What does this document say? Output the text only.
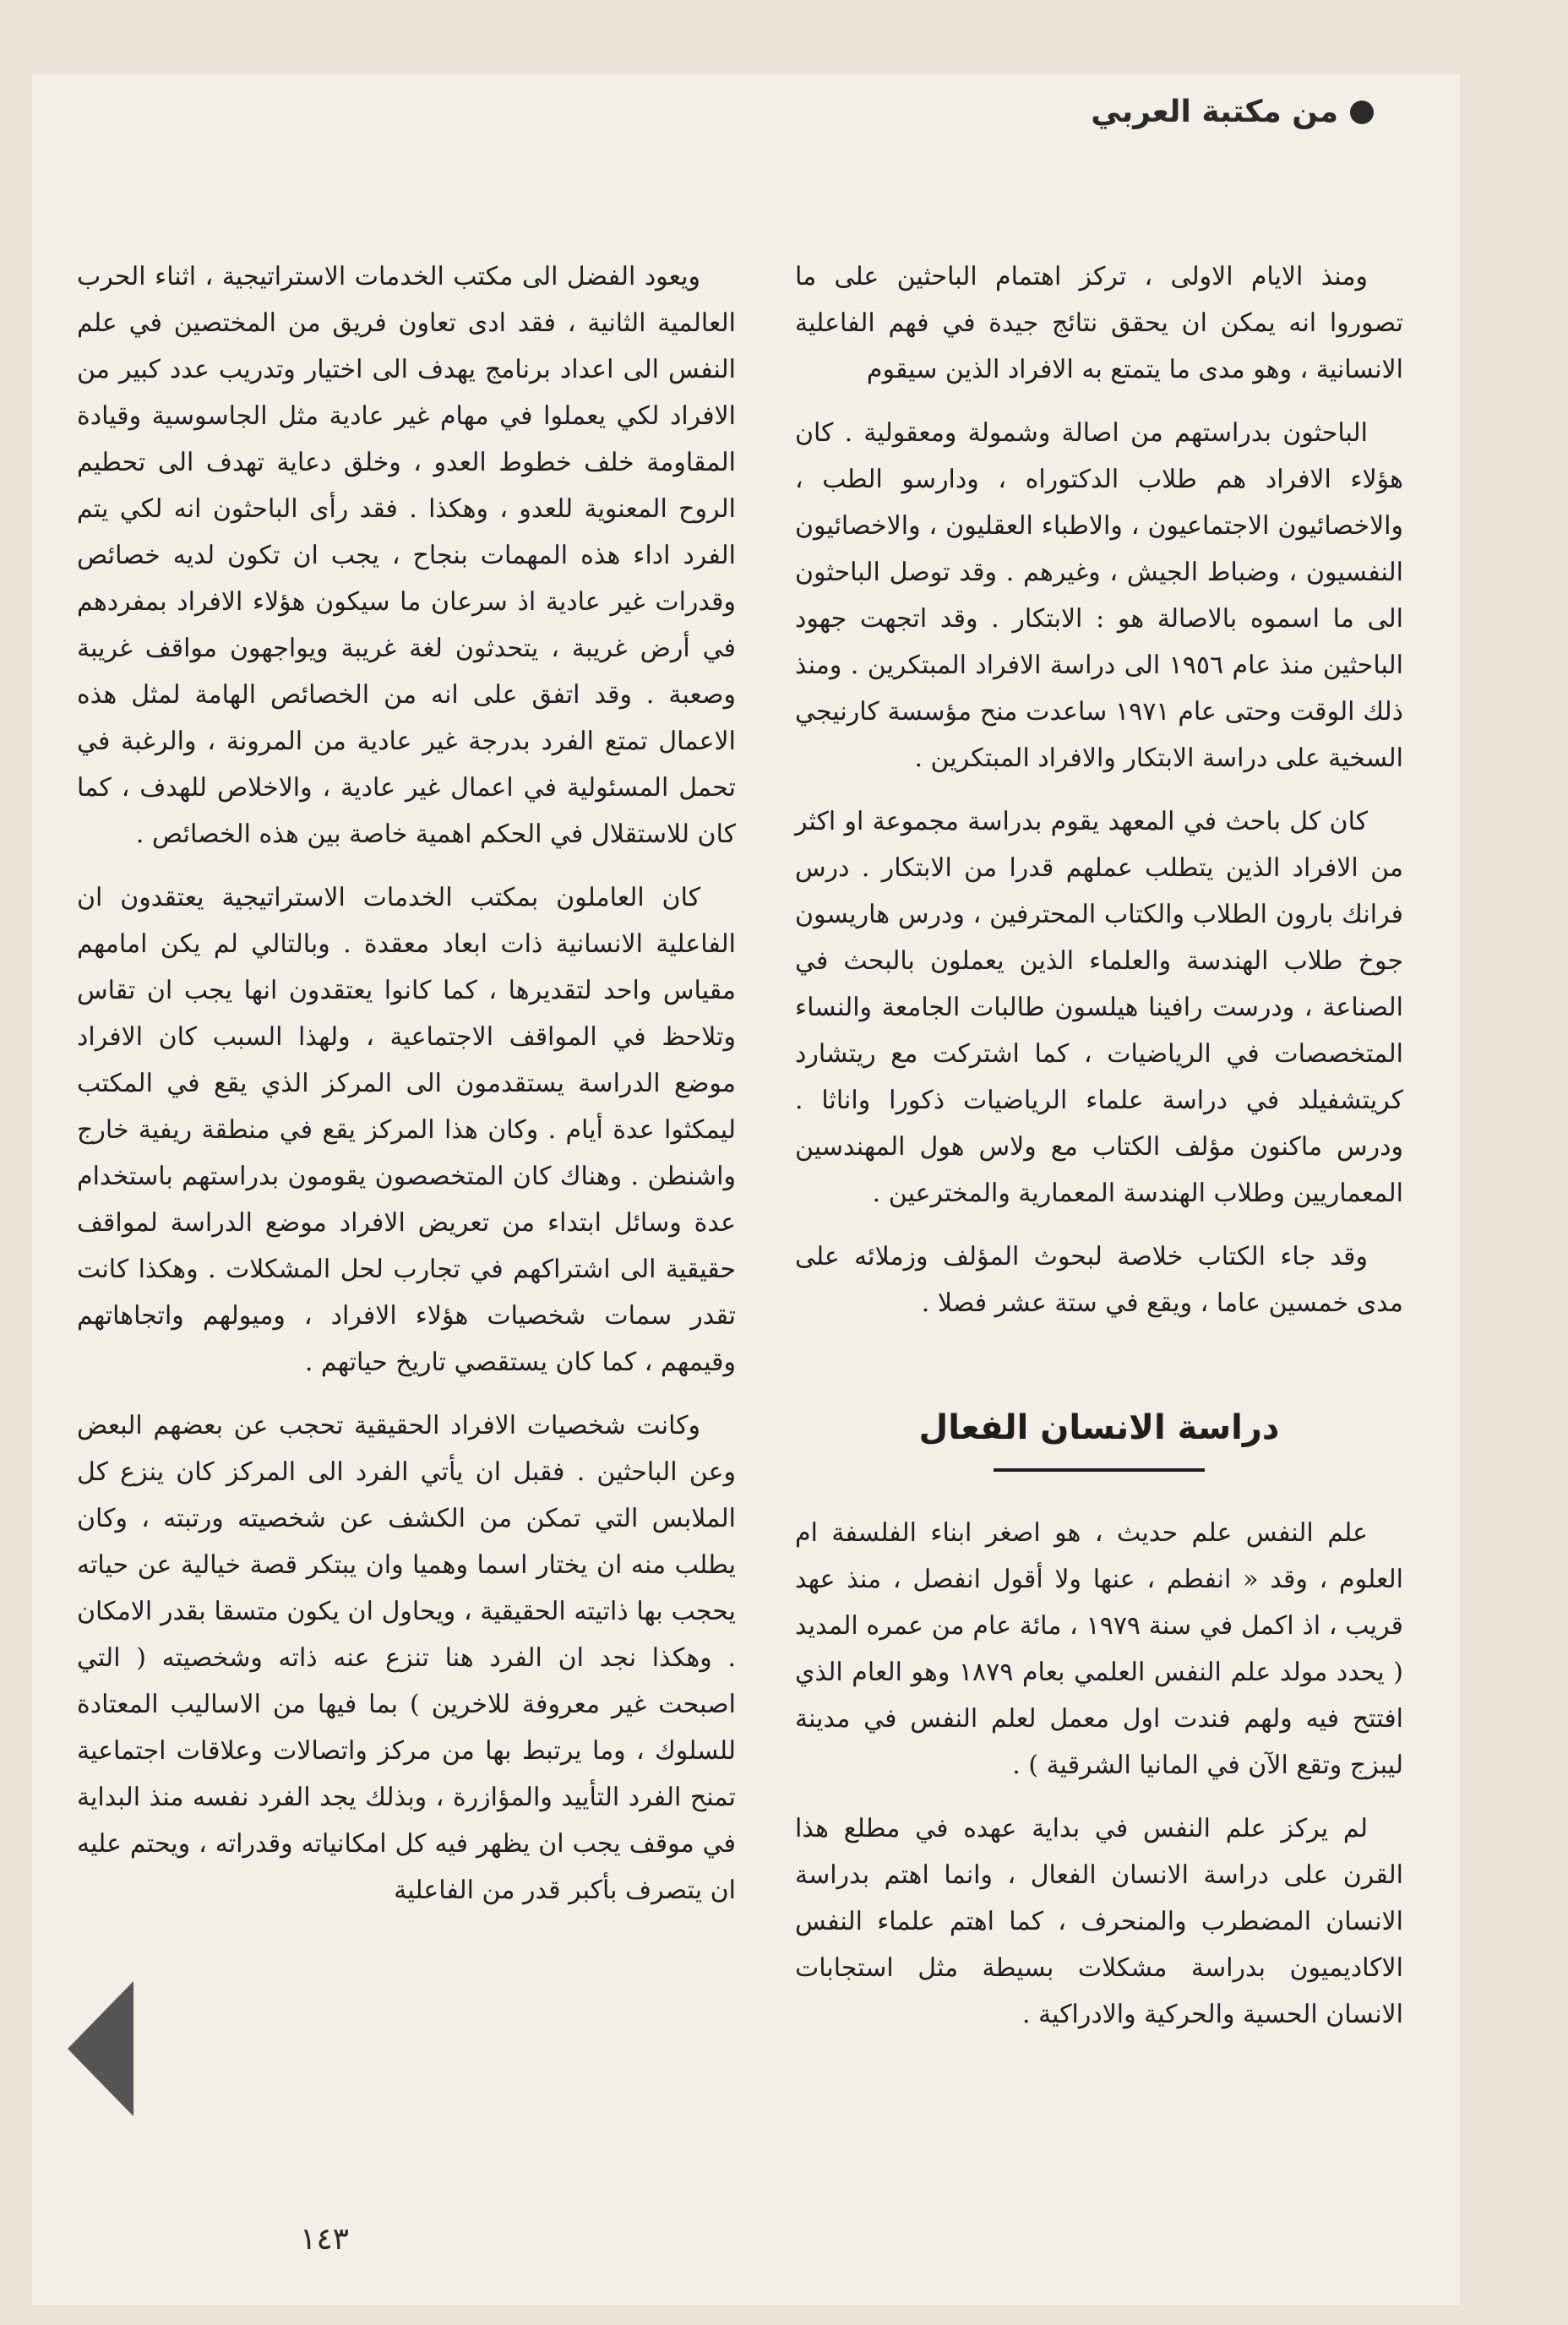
من مكتبة العربي

ومنذ الايام الاولى ، تركز اهتمام الباحثين على ما تصوروا انه يمكن ان يحقق نتائج جيدة في فهم الفاعلية الانسانية ، وهو مدى ما يتمتع به الافراد الذين سيقوم

الباحثون بدراستهم من اصالة وشمولة ومعقولية . كان هؤلاء الافراد هم طلاب الدكتوراه ، ودارسو الطب ، والاخصائيون الاجتماعيون ، والاطباء العقليون ، والاخصائيون النفسيون ، وضباط الجيش ، وغيرهم . وقد توصل الباحثون الى ما اسموه بالاصالة هو : الابتكار . وقد اتجهت جهود الباحثين منذ عام ١٩٥٦ الى دراسة الافراد المبتكرين . ومنذ ذلك الوقت وحتى عام ١٩٧١ ساعدت منح مؤسسة كارنيجي السخية على دراسة الابتكار والافراد المبتكرين .

كان كل باحث في المعهد يقوم بدراسة مجموعة او اكثر من الافراد الذين يتطلب عملهم قدرا من الابتكار . درس فرانك بارون الطلاب والكتاب المحترفين ، ودرس هاريسون جوخ طلاب الهندسة والعلماء الذين يعملون بالبحث في الصناعة ، ودرست رافينا هيلسون طالبات الجامعة والنساء المتخصصات في الرياضيات ، كما اشتركت مع ريتشارد كريتشفيلد في دراسة علماء الرياضيات ذكورا واناثا . ودرس ماكنون مؤلف الكتاب مع ولاس هول المهندسين المعماريين وطلاب الهندسة المعمارية والمخترعين .

وقد جاء الكتاب خلاصة لبحوث المؤلف وزملائه على مدى خمسين عاما ، ويقع في ستة عشر فصلا .

دراسة الانسان الفعال

علم النفس علم حديث ، هو اصغر ابناء الفلسفة ام العلوم ، وقد « انفطم ، عنها ولا أقول انفصل ، منذ عهد قريب ، اذ اكمل في سنة ١٩٧٩ ، مائة عام من عمره المديد ( يحدد مولد علم النفس العلمي بعام ١٨٧٩ وهو العام الذي افتتح فيه ولهم فندت اول معمل لعلم النفس في مدينة ليبزج وتقع الآن في المانيا الشرقية ) .

لم يركز علم النفس في بداية عهده في مطلع هذا القرن على دراسة الانسان الفعال ، وانما اهتم بدراسة الانسان المضطرب والمنحرف ، كما اهتم علماء النفس الاكاديميون بدراسة مشكلات بسيطة مثل استجابات الانسان الحسية والحركية والادراكية .

ويعود الفضل الى مكتب الخدمات الاستراتيجية ، اثناء الحرب العالمية الثانية ، فقد ادى تعاون فريق من المختصين في علم النفس الى اعداد برنامج يهدف الى اختيار وتدريب عدد كبير من الافراد لكي يعملوا في مهام غير عادية مثل الجاسوسية وقيادة المقاومة خلف خطوط العدو ، وخلق دعاية تهدف الى تحطيم الروح المعنوية للعدو ، وهكذا . فقد رأى الباحثون انه لكي يتم الفرد اداء هذه المهمات بنجاح ، يجب ان تكون لديه خصائص وقدرات غير عادية اذ سرعان ما سيكون هؤلاء الافراد بمفردهم في أرض غريبة ، يتحدثون لغة غريبة ويواجهون مواقف غريبة وصعبة . وقد اتفق على انه من الخصائص الهامة لمثل هذه الاعمال تمتع الفرد بدرجة غير عادية من المرونة ، والرغبة في تحمل المسئولية في اعمال غير عادية ، والاخلاص للهدف ، كما كان للاستقلال في الحكم اهمية خاصة بين هذه الخصائص .

كان العاملون بمكتب الخدمات الاستراتيجية يعتقدون ان الفاعلية الانسانية ذات ابعاد معقدة . وبالتالي لم يكن امامهم مقياس واحد لتقديرها ، كما كانوا يعتقدون انها يجب ان تقاس وتلاحظ في المواقف الاجتماعية ، ولهذا السبب كان الافراد موضع الدراسة يستقدمون الى المركز الذي يقع في المكتب ليمكثوا عدة أيام . وكان هذا المركز يقع في منطقة ريفية خارج واشنطن . وهناك كان المتخصصون يقومون بدراستهم باستخدام عدة وسائل ابتداء من تعريض الافراد موضع الدراسة لمواقف حقيقية الى اشتراكهم في تجارب لحل المشكلات . وهكذا كانت تقدر سمات شخصيات هؤلاء الافراد ، وميولهم واتجاهاتهم وقيمهم ، كما كان يستقصي تاريخ حياتهم .

وكانت شخصيات الافراد الحقيقية تحجب عن بعضهم البعض وعن الباحثين . فقبل ان يأتي الفرد الى المركز كان ينزع كل الملابس التي تمكن من الكشف عن شخصيته ورتبته ، وكان يطلب منه ان يختار اسما وهميا وان يبتكر قصة خيالية عن حياته يحجب بها ذاتيته الحقيقية ، ويحاول ان يكون متسقا بقدر الامكان . وهكذا نجد ان الفرد هنا تنزع عنه ذاته وشخصيته ( التي اصبحت غير معروفة للاخرين ) بما فيها من الاساليب المعتادة للسلوك ، وما يرتبط بها من مركز واتصالات وعلاقات اجتماعية تمنح الفرد التأييد والمؤازرة ، وبذلك يجد الفرد نفسه منذ البداية في موقف يجب ان يظهر فيه كل امكانياته وقدراته ، ويحتم عليه ان يتصرف بأكبر قدر من الفاعلية

١٤٣
